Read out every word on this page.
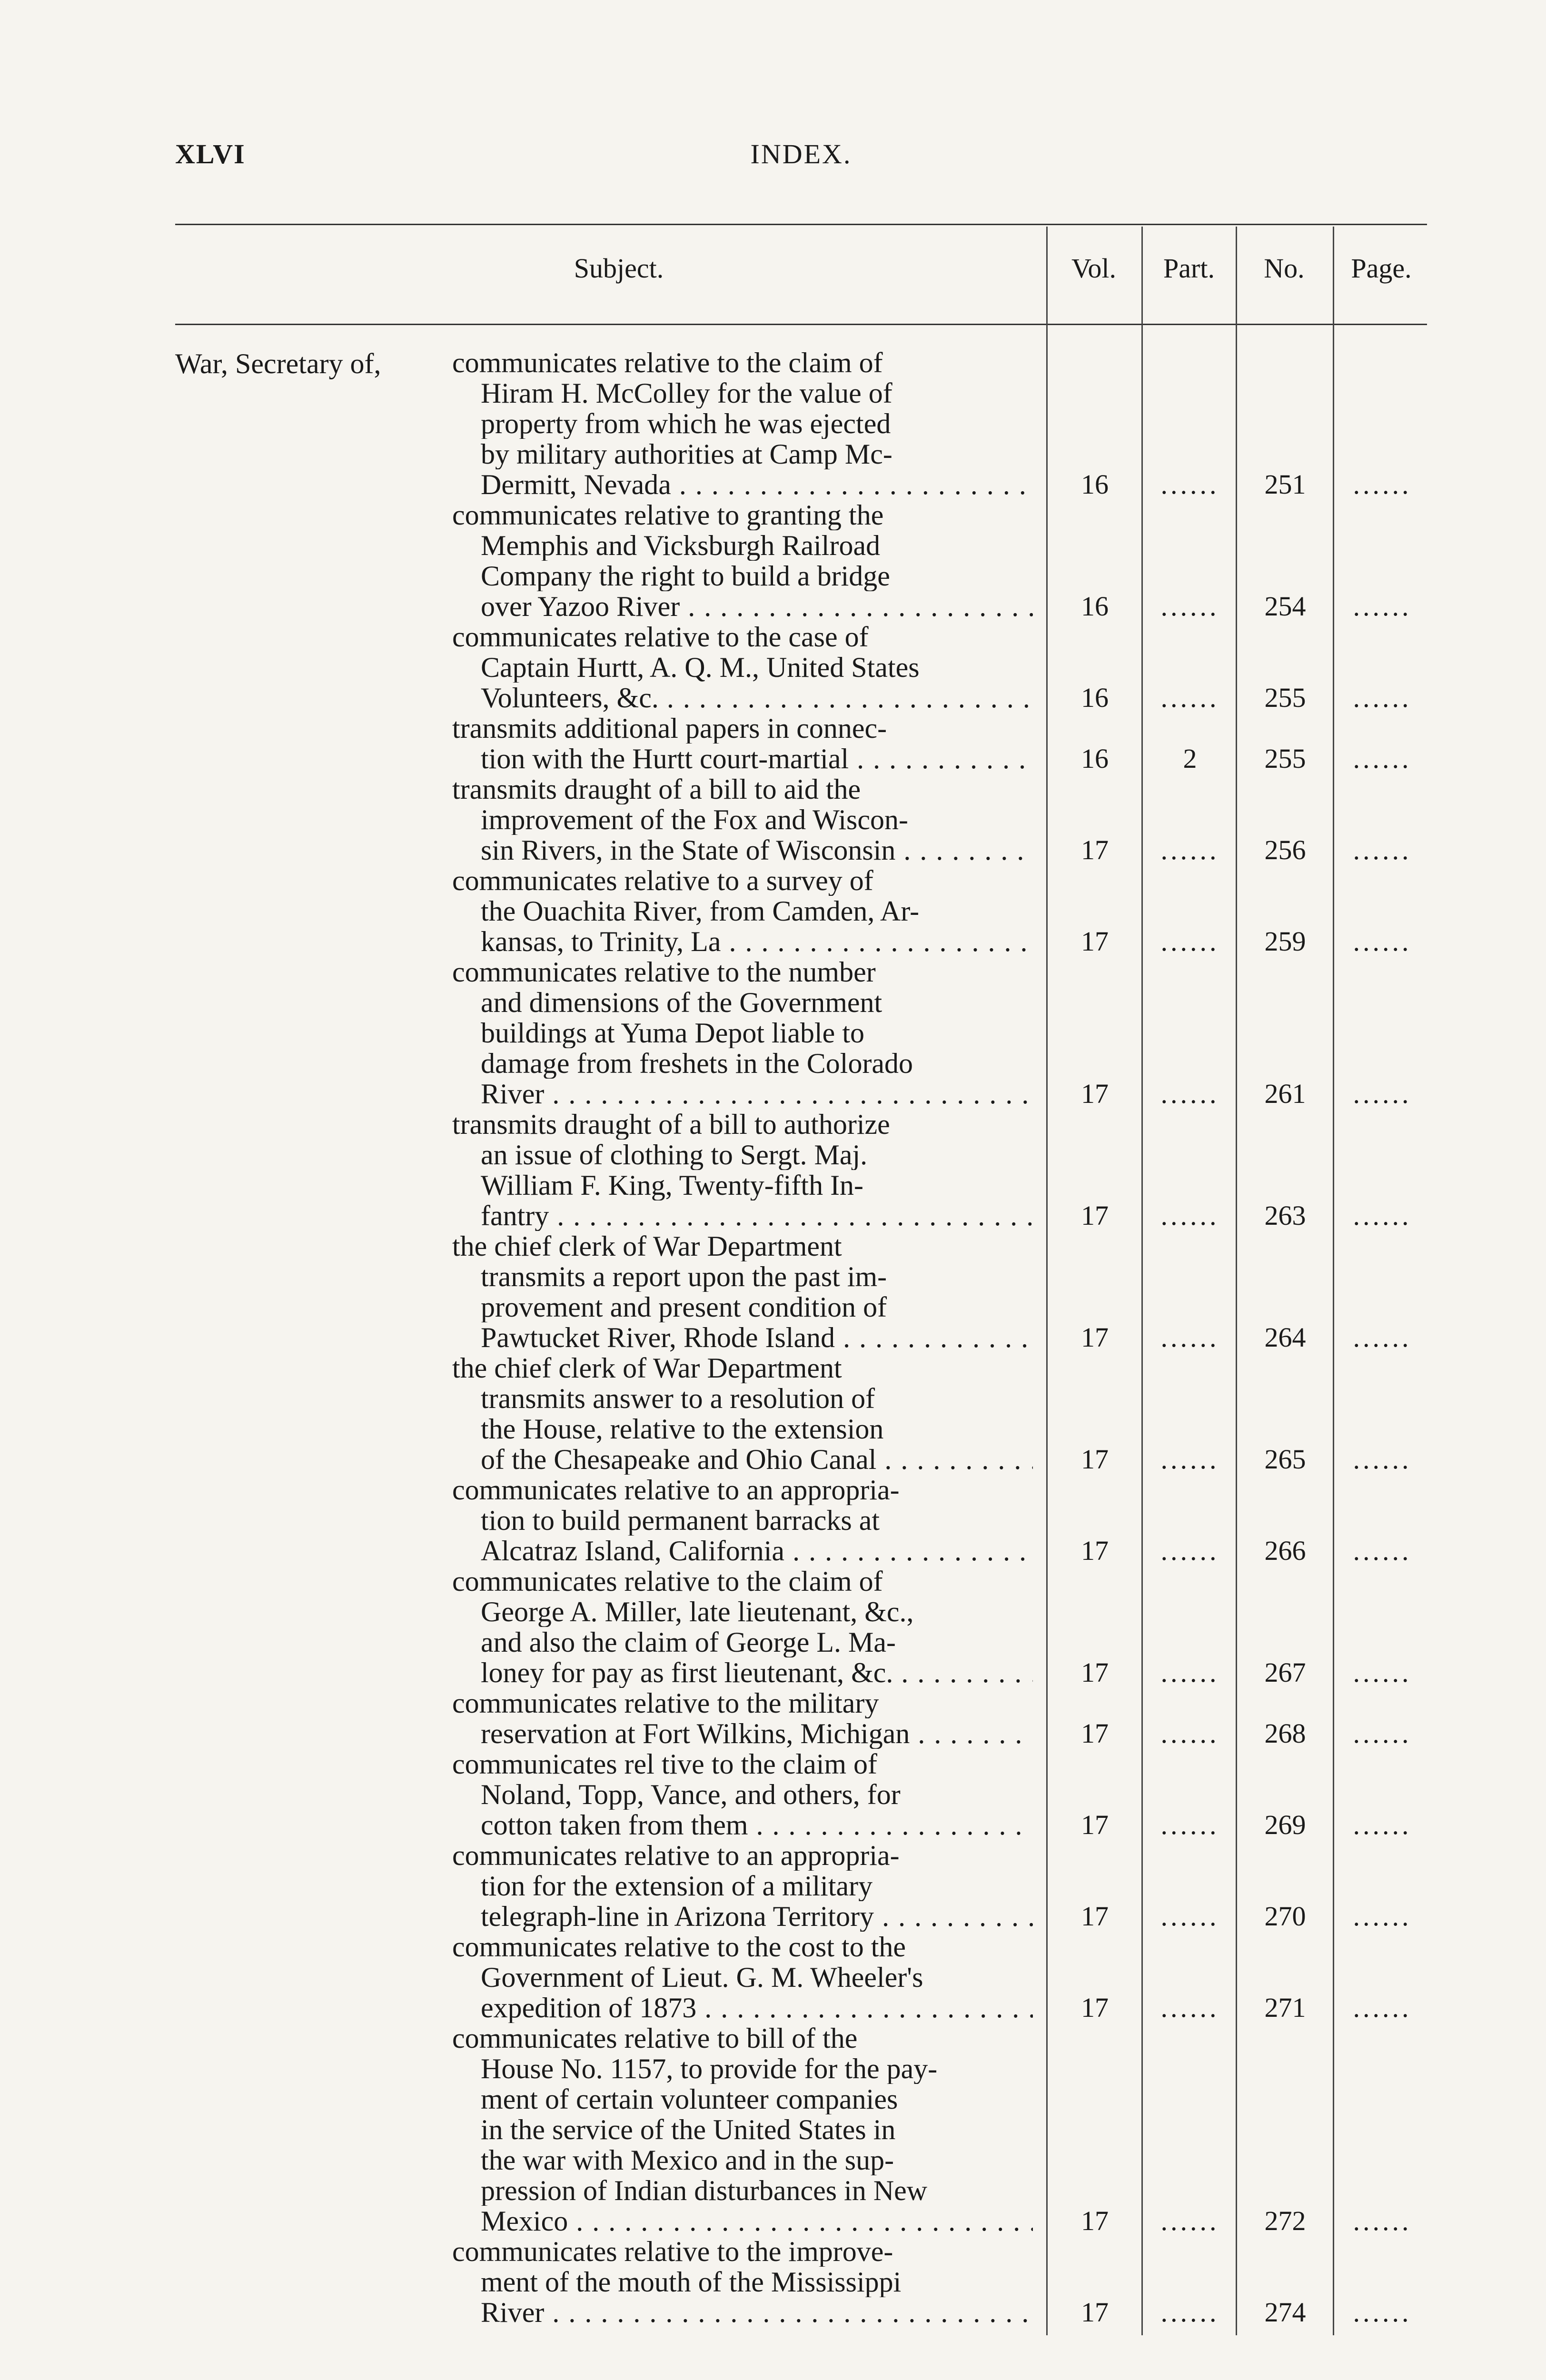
XLVI	INDEX.
Subject.	Vol.	Part.	No.	Page.
War, Secretary of, communicates relative to the claim of
Hiram H. McColley for the value of
property from which he was ejected
by military authorities at Camp Mc-
Dermitt, Nevada . . .	16	......	251	......
communicates relative to granting the
Memphis and Vicksburgh Railroad
Company the right to build a bridge
over Yazoo River . . .	16	......	254	......
communicates relative to the case of
Captain Hurtt, A. Q. M., United States
Volunteers, &c. . . .	16	......	255	......
transmits additional papers in connec-
tion with the Hurtt court-martial . . .	16	2	255	......
transmits draught of a bill to aid the
improvement of the Fox and Wiscon-
sin Rivers, in the State of Wisconsin . . .	17	......	256	......
communicates relative to a survey of
the Ouachita River, from Camden, Ar-
kansas, to Trinity, La . . .	17	......	259	......
communicates relative to the number
and dimensions of the Government
buildings at Yuma Depot liable to
damage from freshets in the Colorado
River . . .	17	......	261	......
transmits draught of a bill to authorize
an issue of clothing to Sergt. Maj.
William F. King, Twenty-fifth In-
fantry . . .	17	......	263	......
the chief clerk of War Department
transmits a report upon the past im-
provement and present condition of
Pawtucket River, Rhode Island . . .	17	......	264	......
the chief clerk of War Department
transmits answer to a resolution of
the House, relative to the extension
of the Chesapeake and Ohio Canal . . .	17	......	265	......
communicates relative to an appropria-
tion to build permanent barracks at
Alcatraz Island, California . . .	17	......	266	......
communicates relative to the claim of
George A. Miller, late lieutenant, &c.,
and also the claim of George L. Ma-
loney for pay as first lieutenant, &c. . . .	17	......	267	......
communicates relative to the military
reservation at Fort Wilkins, Michigan . . .	17	......	268	......
communicates rel tive to the claim of
Noland, Topp, Vance, and others, for
cotton taken from them . . .	17	......	269	......
communicates relative to an appropria-
tion for the extension of a military
telegraph-line in Arizona Territory . . .	17	......	270	......
communicates relative to the cost to the
Government of Lieut. G. M. Wheeler's
expedition of 1873 . . .	17	......	271	......
communicates relative to bill of the
House No. 1157, to provide for the pay-
ment of certain volunteer companies
in the service of the United States in
the war with Mexico and in the sup-
pression of Indian disturbances in New
Mexico . . .	17	......	272	......
communicates relative to the improve-
ment of the mouth of the Mississippi
River . . .	17	......	274	......
